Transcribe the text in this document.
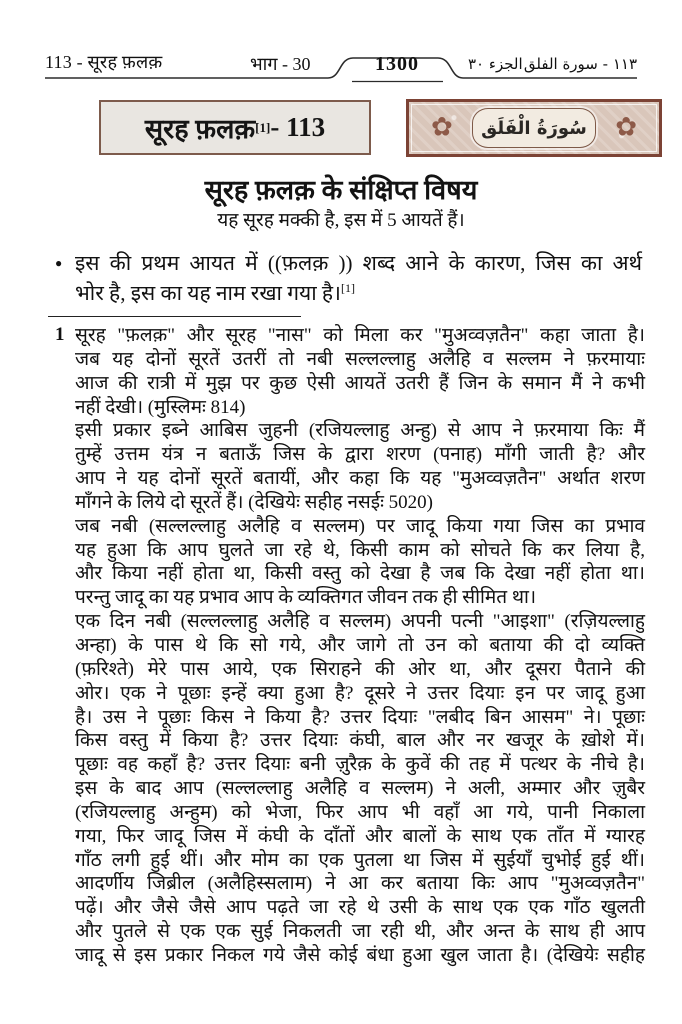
113 - सूरह फ़लक़	भाग - 30	1300	الجزء ٣٠ ١١٣ - سورة الفلق
सूरह फ़लक़ [1] - 113	✿	✿
سُورَةُ الْفَلَق
सूरह फ़लक़ के संक्षिप्त विषय
यह सूरह मक्की है, इस में 5 आयतें हैं।
● इस की प्रथम आयत में ((फ़लक़ )) शब्द आने के कारण, जिस का अर्थ
भोर है, इस का यह नाम रखा गया है।[1]
1 सूरह "फ़लक़" और सूरह "नास" को मिला कर "मुअव्वज़तैन" कहा जाता है।
जब यह दोनों सूरतें उतरीं तो नबी सल्लल्लाहु अलैहि व सल्लम ने फ़रमायाः
आज की रात्री में मुझ पर कुछ ऐसी आयतें उतरी हैं जिन के समान मैं ने कभी
नहीं देखी। (मुस्लिमः 814)
इसी प्रकार इब्ने आबिस जुहनी (रजियल्लाहु अन्हु) से आप ने फ़रमाया किः मैं
तुम्हें उत्तम यंत्र न बताऊँ जिस के द्वारा शरण (पनाह) माँगी जाती है? और
आप ने यह दोनों सूरतें बतायीं, और कहा कि यह "मुअव्वज़तैन" अर्थात शरण
माँगने के लिये दो सूरतें हैं। (देखियेः सहीह नसईः 5020)
जब नबी (सल्लल्लाहु अलैहि व सल्लम) पर जादू किया गया जिस का प्रभाव
यह हुआ कि आप घुलते जा रहे थे, किसी काम को सोचते कि कर लिया है,
और किया नहीं होता था, किसी वस्तु को देखा है जब कि देखा नहीं होता था।
परन्तु जादू का यह प्रभाव आप के व्यक्तिगत जीवन तक ही सीमित था।
एक दिन नबी (सल्लल्लाहु अलैहि व सल्लम) अपनी पत्नी "आइशा" (रज़ियल्लाहु
अन्हा) के पास थे कि सो गये, और जागे तो उन को बताया की दो व्यक्ति
(फ़रिश्ते) मेरे पास आये, एक सिराहने की ओर था, और दूसरा पैताने की
ओर। एक ने पूछाः इन्हें क्या हुआ है? दूसरे ने उत्तर दियाः इन पर जादू हुआ
है। उस ने पूछाः किस ने किया है? उत्तर दियाः "लबीद बिन आसम" ने। पूछाः
किस वस्तु में किया है? उत्तर दियाः कंघी, बाल और नर खजूर के ख़ोशे में।
पूछाः वह कहाँ है? उत्तर दियाः बनी ज़ुरैक़ के कुवें की तह में पत्थर के नीचे है।
इस के बाद आप (सल्लल्लाहु अलैहि व सल्लम) ने अली, अम्मार और ज़ुबैर
(रजियल्लाहु अन्हुम) को भेजा, फिर आप भी वहाँ आ गये, पानी निकाला
गया, फिर जादू जिस में कंघी के दाँतों और बालों के साथ एक ताँत में ग्यारह
गाँठ लगी हुई थीं। और मोम का एक पुतला था जिस में सुईयाँ चुभोई हुई थीं।
आदर्णीय जिब्रील (अलैहिस्सलाम) ने आ कर बताया किः आप "मुअव्वज़तैन"
पढ़ें। और जैसे जैसे आप पढ़ते जा रहे थे उसी के साथ एक एक गाँठ खुलती
और पुतले से एक एक सुई निकलती जा रही थी, और अन्त के साथ ही आप
जादू से इस प्रकार निकल गये जैसे कोई बंधा हुआ खुल जाता है। (देखियेः सहीह
